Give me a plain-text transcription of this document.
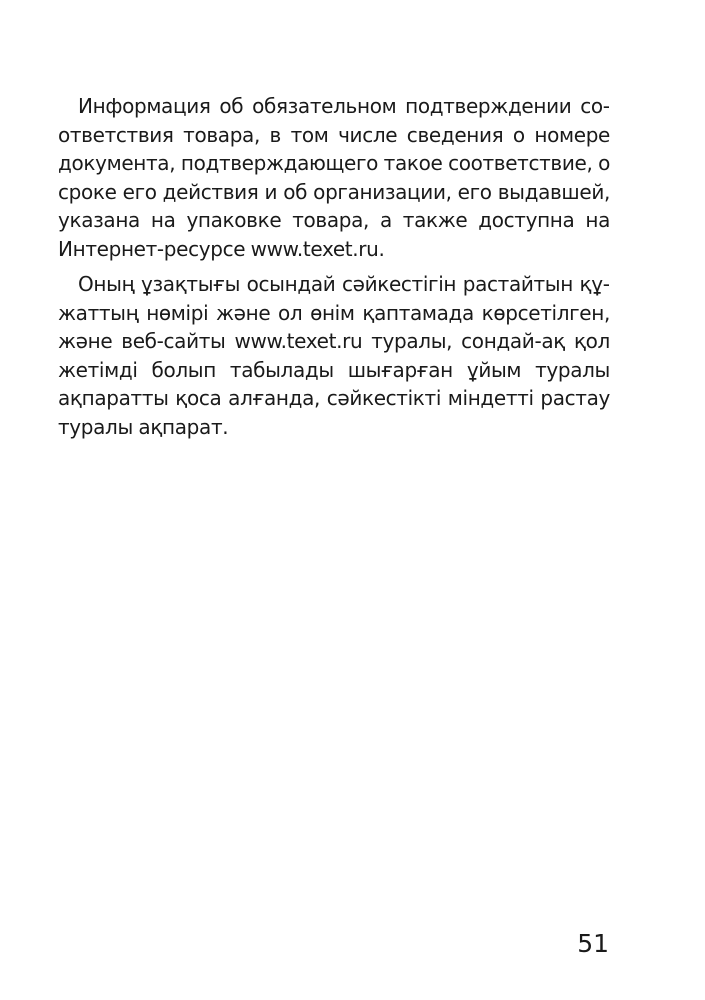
Информация об обязательном подтверждении соответствия товара, в том числе сведения о номере документа, подтверждающего такое соответствие, о сроке его действия и об организации, его выдавшей, указана на упаковке товара, а также доступна на Интернет-ресурсе www.texet.ru.

Оның ұзақтығы осындай сәйкестігін растайтын құжаттың нөмірі және ол өнім қаптамада көрсетілген, және веб-сайты www.texet.ru туралы, сондай-ақ қол жетімді болып табылады шығарған ұйым туралы ақпаратты қоса алғанда, сәйкестікті міндетті растау туралы ақпарат.

51
